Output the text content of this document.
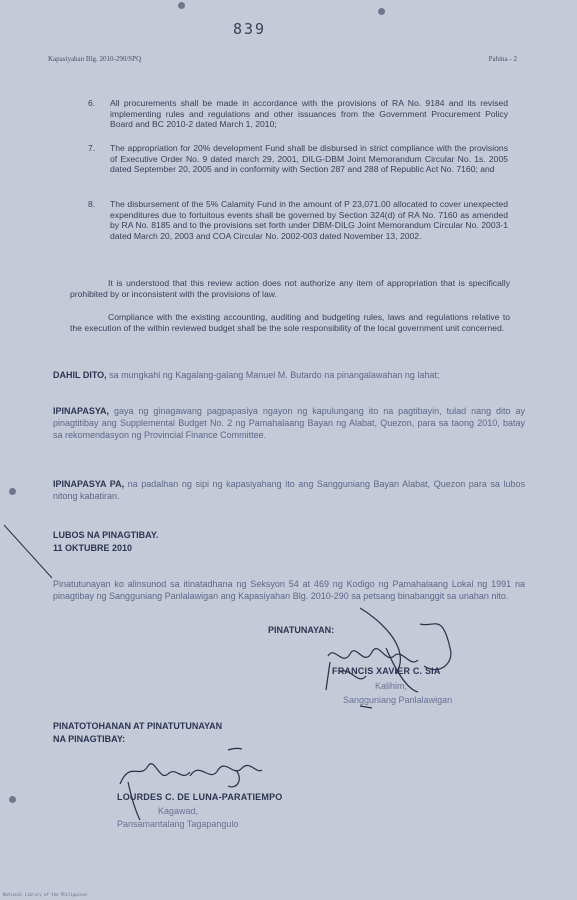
839
Kapasiyahan Blg. 2010-290/SPQ	Pahina - 2
6. All procurements shall be made in accordance with the provisions of RA No. 9184 and its revised implementing rules and regulations and other issuances from the Government Procurement Policy Board and BC 2010-2 dated March 1, 2010;
7. The appropriation for 20% development Fund shall be disbursed in strict compliance with the provisions of Executive Order No. 9 dated march 29, 2001, DILG-DBM Joint Memorandum Circular No. 1s. 2005 dated September 20, 2005 and in conformity with Section 287 and 288 of Republic Act No. 7160; and
8. The disbursement of the 5% Calamity Fund in the amount of P 23,071.00 allocated to cover unexpected expenditures due to fortuitous events shall be governed by Section 324(d) of RA No. 7160 as amended by RA No. 8185 and to the provisions set forth under DBM-DILG Joint Memorandum Circular No. 2003-1 dated March 20, 2003 and COA Circular No. 2002-003 dated November 13, 2002.
It is understood that this review action does not authorize any item of appropriation that is specifically prohibited by or inconsistent with the provisions of law.
Compliance with the existing accounting, auditing and budgeting rules, laws and regulations relative to the execution of the within reviewed budget shall be the sole responsibility of the local government unit concerned.
DAHIL DITO, sa mungkahi ng Kagalang-galang Manuel M. Butardo na pinangalawahan ng lahat;
IPINAPASYA, gaya ng ginagawang pagpapasiya ngayon ng kapulungang ito na pagtibayin, tulad nang dito ay pinagtitibay ang Supplemental Budget No. 2 ng Pamahalaang Bayan ng Alabat, Quezon, para sa taong 2010, batay sa rekomendasyon ng Provincial Finance Committee.
IPINAPASYA PA, na padalhan ng sipi ng kapasiyahang ito ang Sangguniang Bayan Alabat, Quezon para sa lubos nitong kabatiran.
LUBOS NA PINAGTIBAY.
11 OKTUBRE 2010
Pinatutunayan ko alinsunod sa itinatadhana ng Seksyon 54 at 469 ng Kodigo ng Pamahalaang Lokal ng 1991 na pinagtibay ng Sangguniang Panlalawigan ang Kapasiyahan Blg. 2010-290 sa petsang binabanggit sa unahan nito.
PINATUNAYAN:
FRANCIS XAVIER C. SIA
Kalihim,
Sangguniang Panlalawigan
PINATOTOHANAN AT PINATUTUNAYAN
NA PINAGTIBAY:
LOURDES C. DE LUNA-PARATIEMPO
Kagawad,
Pansamantalang Tagapangulo
National Library of the Philippines
